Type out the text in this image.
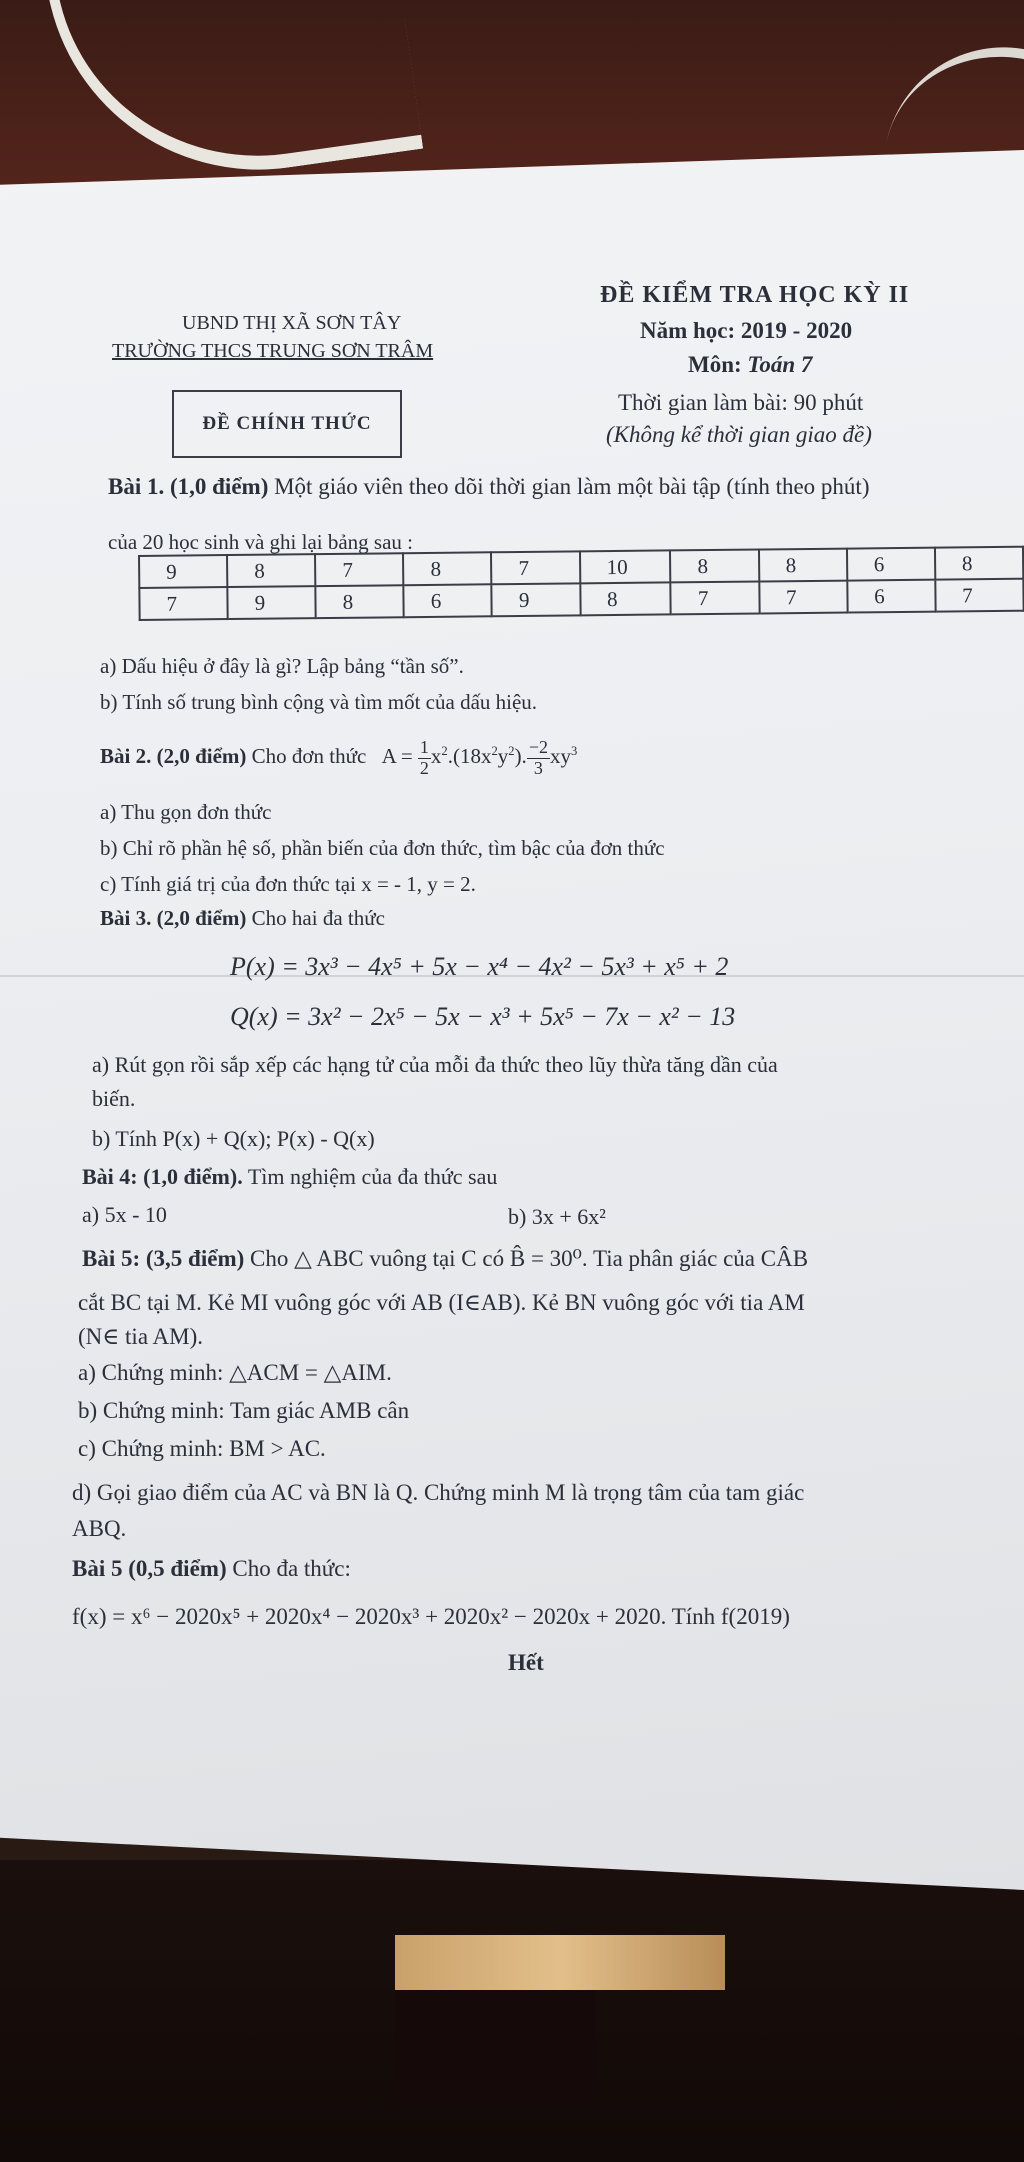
UBND THỊ XÃ SƠN TÂY
TRƯỜNG THCS TRUNG SƠN TRÂM
ĐỀ CHÍNH THỨC
ĐỀ KIỂM TRA HỌC KỲ II
Năm học: 2019 - 2020
Môn: Toán 7
Thời gian làm bài: 90 phút
(Không kể thời gian giao đề)
Bài 1. (1,0 điểm) Một giáo viên theo dõi thời gian làm một bài tập (tính theo phút)
của 20 học sinh và ghi lại bảng sau :
9	8	7	8	7	10	8	8	6	8
7	9	8	6	9	8	7	7	6	7
a) Dấu hiệu ở đây là gì? Lập bảng “tần số”.
b) Tính số trung bình cộng và tìm mốt của dấu hiệu.
Bài 2. (2,0 điểm) Cho đơn thức $A = \frac{1}{2} x^2.(18x^2y^2)$. $\frac{-2}{3} xy^3$
a) Thu gọn đơn thức
b) Chỉ rõ phần hệ số, phần biến của đơn thức, tìm bậc của đơn thức
c) Tính giá trị của đơn thức tại x = - 1, y = 2.
Bài 3. (2,0 điểm) Cho hai đa thức
P(x) = 3x³ − 4x⁵ + 5x − x⁴ − 4x² − 5x³ + x⁵ + 2
Q(x) = 3x² − 2x⁵ − 5x − x³ + 5x⁵ − 7x − x² − 13
a) Rút gọn rồi sắp xếp các hạng tử của mỗi đa thức theo lũy thừa tăng dần của
biến.
b) Tính P(x) + Q(x); P(x) - Q(x)
Bài 4: (1,0 điểm). Tìm nghiệm của đa thức sau
a) 5x - 10	b) 3x + 6x²
Bài 5: (3,5 điểm) Cho △ ABC vuông tại C có B̂ = 30⁰. Tia phân giác của CÂB
cắt BC tại M. Kẻ MI vuông góc với AB (I∈AB). Kẻ BN vuông góc với tia AM
(N∈ tia AM).
a) Chứng minh: △ACM = △AIM.
b) Chứng minh: Tam giác AMB cân
c) Chứng minh: BM > AC.
d) Gọi giao điểm của AC và BN là Q. Chứng minh M là trọng tâm của tam giác
ABQ.
Bài 5 (0,5 điểm) Cho đa thức:
f(x) = x⁶ − 2020x⁵ + 2020x⁴ − 2020x³ + 2020x² − 2020x + 2020. Tính f(2019)
Hết
